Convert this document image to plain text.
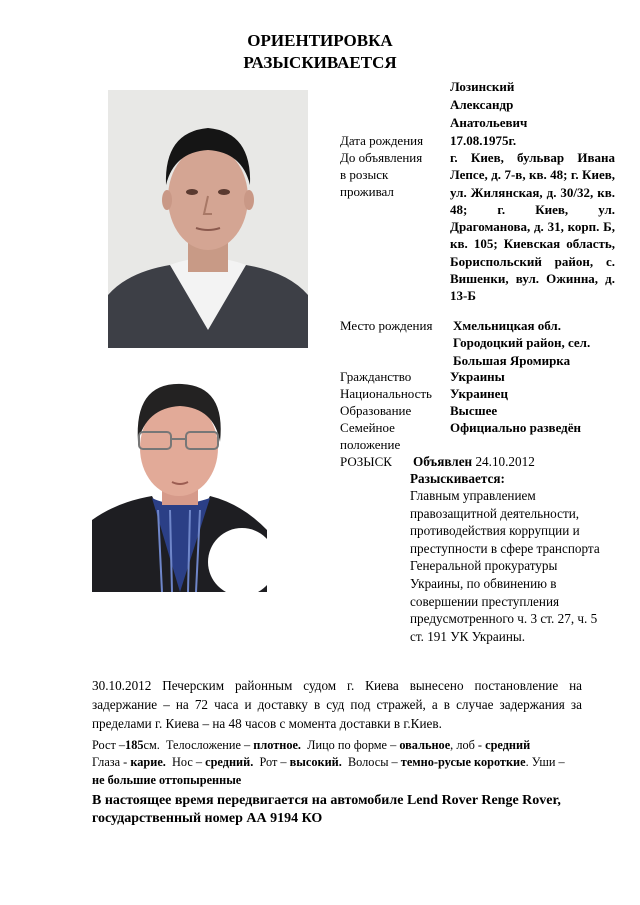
ОРИЕНТИРОВКА
РАЗЫСКИВАЕТСЯ
Лозинский
Александр
Анатольевич
Дата рождения 17.08.1975г.
До объявления
в розыск
проживал
г. Киев, бульвар Ивана Лепсе, д. 7-в, кв. 48; г. Киев, ул. Жилянская, д. 30/32, кв. 48; г. Киев, ул. Драгоманова, д. 31, корп. Б, кв. 105; Киевская область, Бориспольский район, с. Вишенки, вул. Ожинна, д. 13-Б
Место рождения Хмельницкая обл. Городоцкий район, сел. Большая Яромирка
Гражданство	Украины
Национальность Украинец
Образование	Высшее
Семейное
положение
Официально разведён
РОЗЫСК Объявлен 24.10.2012
Разыскивается:
Главным управлением правозащитной деятельности, противодействия коррупции и преступности в сфере транспорта Генеральной прокуратуры Украины, по обвинению в совершении преступления предусмотренного ч. 3 ст. 27, ч. 5 ст. 191 УК Украины.
30.10.2012 Печерским районным судом г. Киева вынесено постановление на задержание – на 72 часа и доставку в суд под стражей, а в случае задержания за пределами г. Киева – на 48 часов с момента доставки в г.Киев.
Рост –185см. Телосложение – плотное. Лицо по форме – овальное, лоб - средний
Глаза - карие. Нос – средний. Рот – высокий. Волосы – темно-русые короткие. Уши –
не большие оттопыренные
В настоящее время передвигается на автомобиле Lend Rover Renge Rover, государственный номер АА 9194 КО
